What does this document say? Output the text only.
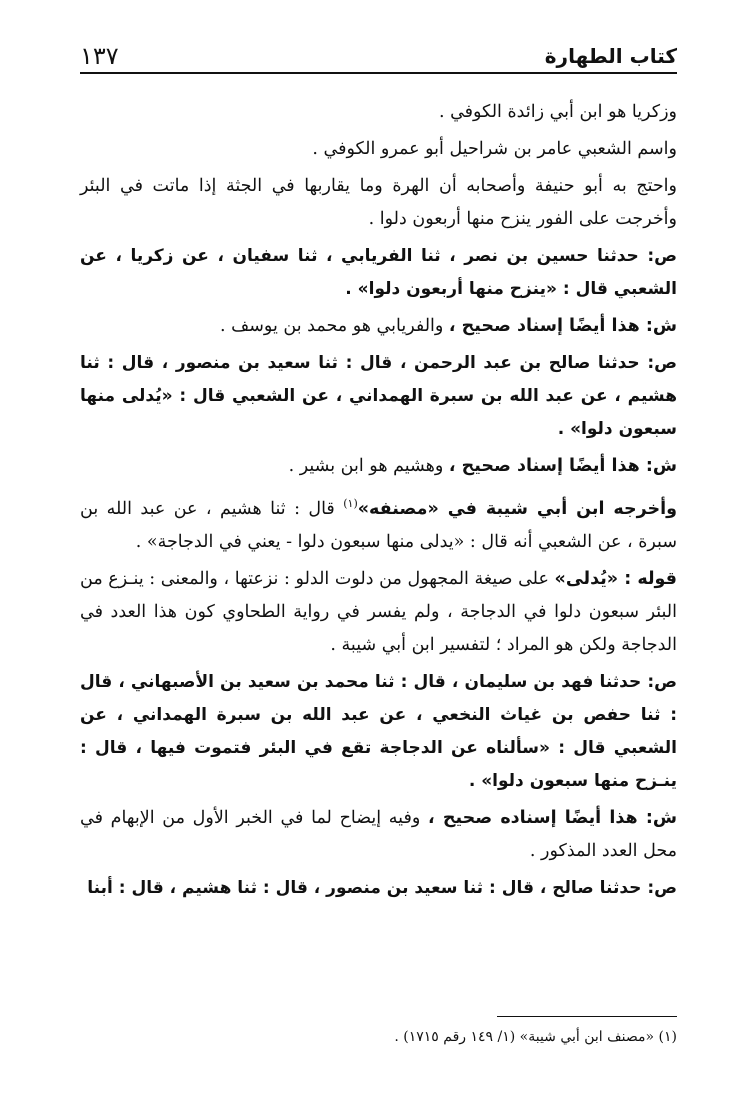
كتاب الطهارة
١٣٧

وزكريا هو ابن أبي زائدة الكوفي .

واسم الشعبي عامر بن شراحيل أبو عمرو الكوفي .

واحتج به أبو حنيفة وأصحابه أن الهرة وما يقاربها في الجثة إذا ماتت في البئر وأخرجت على الفور ينزح منها أربعون دلوا .

ص: حدثنا حسين بن نصر ، ثنا الفريابي ، ثنا سفيان ، عن زكريا ، عن الشعبي قال : «ينزح منها أربعون دلوا» .

ش: هذا أيضًا إسناد صحيح ، والفريابي هو محمد بن يوسف .

ص: حدثنا صالح بن عبد الرحمن ، قال : ثنا سعيد بن منصور ، قال : ثنا هشيم ، عن عبد الله بن سبرة الهمداني ، عن الشعبي قال : «يُدلى منها سبعون دلوا» .

ش: هذا أيضًا إسناد صحيح ، وهشيم هو ابن بشير .

وأخرجه ابن أبي شيبة في «مصنفه»$^{(١)}$ قال : ثنا هشيم ، عن عبد الله بن سبرة ، عن الشعبي أنه قال : «يدلى منها سبعون دلوا - يعني في الدجاجة» .

قوله : «يُدلى» على صيغة المجهول من دلوت الدلو : نزعتها ، والمعنى : ينـزع من البئر سبعون دلوا في الدجاجة ، ولم يفسر في رواية الطحاوي كون هذا العدد في الدجاجة ولكن هو المراد ؛ لتفسير ابن أبي شيبة .

ص: حدثنا فهد بن سليمان ، قال : ثنا محمد بن سعيد بن الأصبهاني ، قال : ثنا حفص بن غياث النخعي ، عن عبد الله بن سبرة الهمداني ، عن الشعبي قال : «سألناه عن الدجاجة تقع في البئر فتموت فيها ، قال : ينـزح منها سبعون دلوا» .

ش: هذا أيضًا إسناده صحيح ، وفيه إيضاح لما في الخبر الأول من الإبهام في محل العدد المذكور .

ص: حدثنا صالح ، قال : ثنا سعيد بن منصور ، قال : ثنا هشيم ، قال : أبنا

(١) «مصنف ابن أبي شيبة» (١/ ١٤٩ رقم ١٧١٥) .
